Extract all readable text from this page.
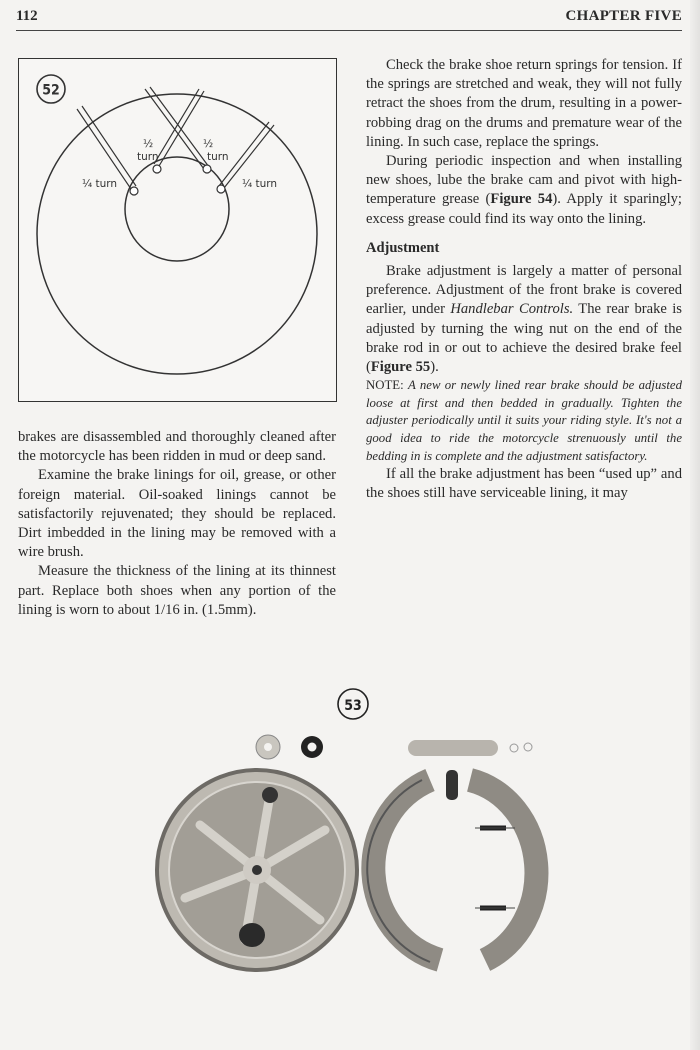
112	CHAPTER FIVE
52
½
turn
½
turn
¼ turn	¼ turn

brakes are disassembled and thoroughly cleaned after the motorcycle has been ridden in mud or deep sand.

Examine the brake linings for oil, grease, or other foreign material. Oil-soaked linings cannot be satisfactorily rejuvenated; they should be replaced. Dirt imbedded in the lining may be removed with a wire brush.

Measure the thickness of the lining at its thinnest part. Replace both shoes when any portion of the lining is worn to about 1/16 in. (1.5mm).

Check the brake shoe return springs for tension. If the springs are stretched and weak, they will not fully retract the shoes from the drum, resulting in a power-robbing drag on the drums and premature wear of the lining. In such case, replace the springs.

During periodic inspection and when installing new shoes, lube the brake cam and pivot with high-temperature grease (Figure 54). Apply it sparingly; excess grease could find its way onto the lining.

Adjustment

Brake adjustment is largely a matter of personal preference. Adjustment of the front brake is covered earlier, under Handlebar Controls. The rear brake is adjusted by turning the wing nut on the end of the brake rod in or out to achieve the desired brake feel (Figure 55).

NOTE: A new or newly lined rear brake should be adjusted loose at first and then bedded in gradually. Tighten the adjuster periodically until it suits your riding style. It's not a good idea to ride the motorcycle strenuously until the bedding in is complete and the adjustment satisfactory.

If all the brake adjustment has been “used up” and the shoes still have serviceable lining, it may

53
